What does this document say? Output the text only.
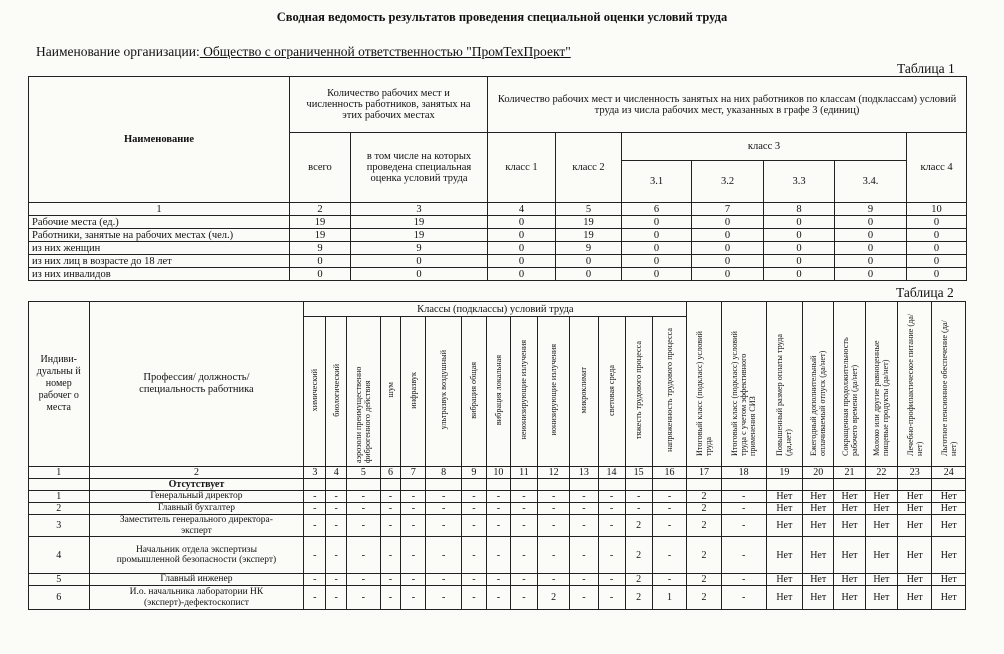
Сводная ведомость результатов проведения специальной оценки условий труда
Наименование организации: Общество с ограниченной ответственностью "ПромТехПроект"
Таблица 1
Наименование	Количество рабочих мест и численность работников, занятых на этих рабочих местах		Количество рабочих мест и численность занятых на них работников по классам (подклассам) условий труда из числа рабочих мест, указанных в графе 3 (единиц)						
	всего	в том числе на которых проведена специальная оценка условий труда	класс 1	класс 2	класс 3				класс 4
					3.1	3.2	3.3	3.4.	
1	2	3	4	5	6	7	8	9	10
Рабочие места (ед.)	19	19	0	19	0	0	0	0	0
Работники, занятые на рабочих местах (чел.)	19	19	0	19	0	0	0	0	0
из них женщин	9	9	0	9	0	0	0	0	0
из них лиц в возрасте до 18 лет	0	0	0	0	0	0	0	0	0
из них инвалидов	0	0	0	0	0	0	0	0	0
Таблица 2
Индиви-дуальны й номер рабочег о места	Профессия/ должность/ специальность работника	Классы (подклассы) условий труда														Итоговый класс (подкласс) условий труда	Итоговый класс (подкласс) условий труда с учетом эффективного применения СИЗ	Повышенный размер оплаты труда (да,нет)	Ежегодный дополнительный оплачиваемый отпуск (да/нет)	Сокращенная продолжительность рабочего времени (да/нет)	Молоко или другие равноценные пищевые продукты (да/нет)	Лечебно-профилактическое питание (да/нет)	Льготное пенсионное обеспечение (да/нет)
		химический	биологический	аэрозоли преимущественно фиброгенного действия	шум	инфразвук	ультразвук воздушный	вибрация общая	вибрация локальная	неионизирующие излучения	ионизирующие излучения	микроклимат	световая среда	тяжесть трудового процесса	напряженность трудового процесса								
1	2	3	4	5	6	7	8	9	10	11	12	13	14	15	16	17	18	19	20	21	22	23	24
	Отсутствует																						
1	Генеральный директор	-	-	-	-	-	-	-	-	-	-	-	-	-	-	2	-	Нет	Нет	Нет	Нет	Нет	Нет
2	Главный бухгалтер	-	-	-	-	-	-	-	-	-	-	-	-	-	-	2	-	Нет	Нет	Нет	Нет	Нет	Нет
3	Заместитель генерального директора-эксперт	-	-	-	-	-	-	-	-	-	-	-	-	2	-	2	-	Нет	Нет	Нет	Нет	Нет	Нет
4	Начальник отдела экспертизы промышленной безопасности (эксперт)	-	-	-	-	-	-	-	-	-	-	-	-	2	-	2	-	Нет	Нет	Нет	Нет	Нет	Нет
5	Главный инженер	-	-	-	-	-	-	-	-	-	-	-	-	2	-	2	-	Нет	Нет	Нет	Нет	Нет	Нет
6	И.о. начальника лаборатории НК (эксперт)-дефектоскопист	-	-	-	-	-	-	-	-	-	2	-	-	2	1	2	-	Нет	Нет	Нет	Нет	Нет	Нет
